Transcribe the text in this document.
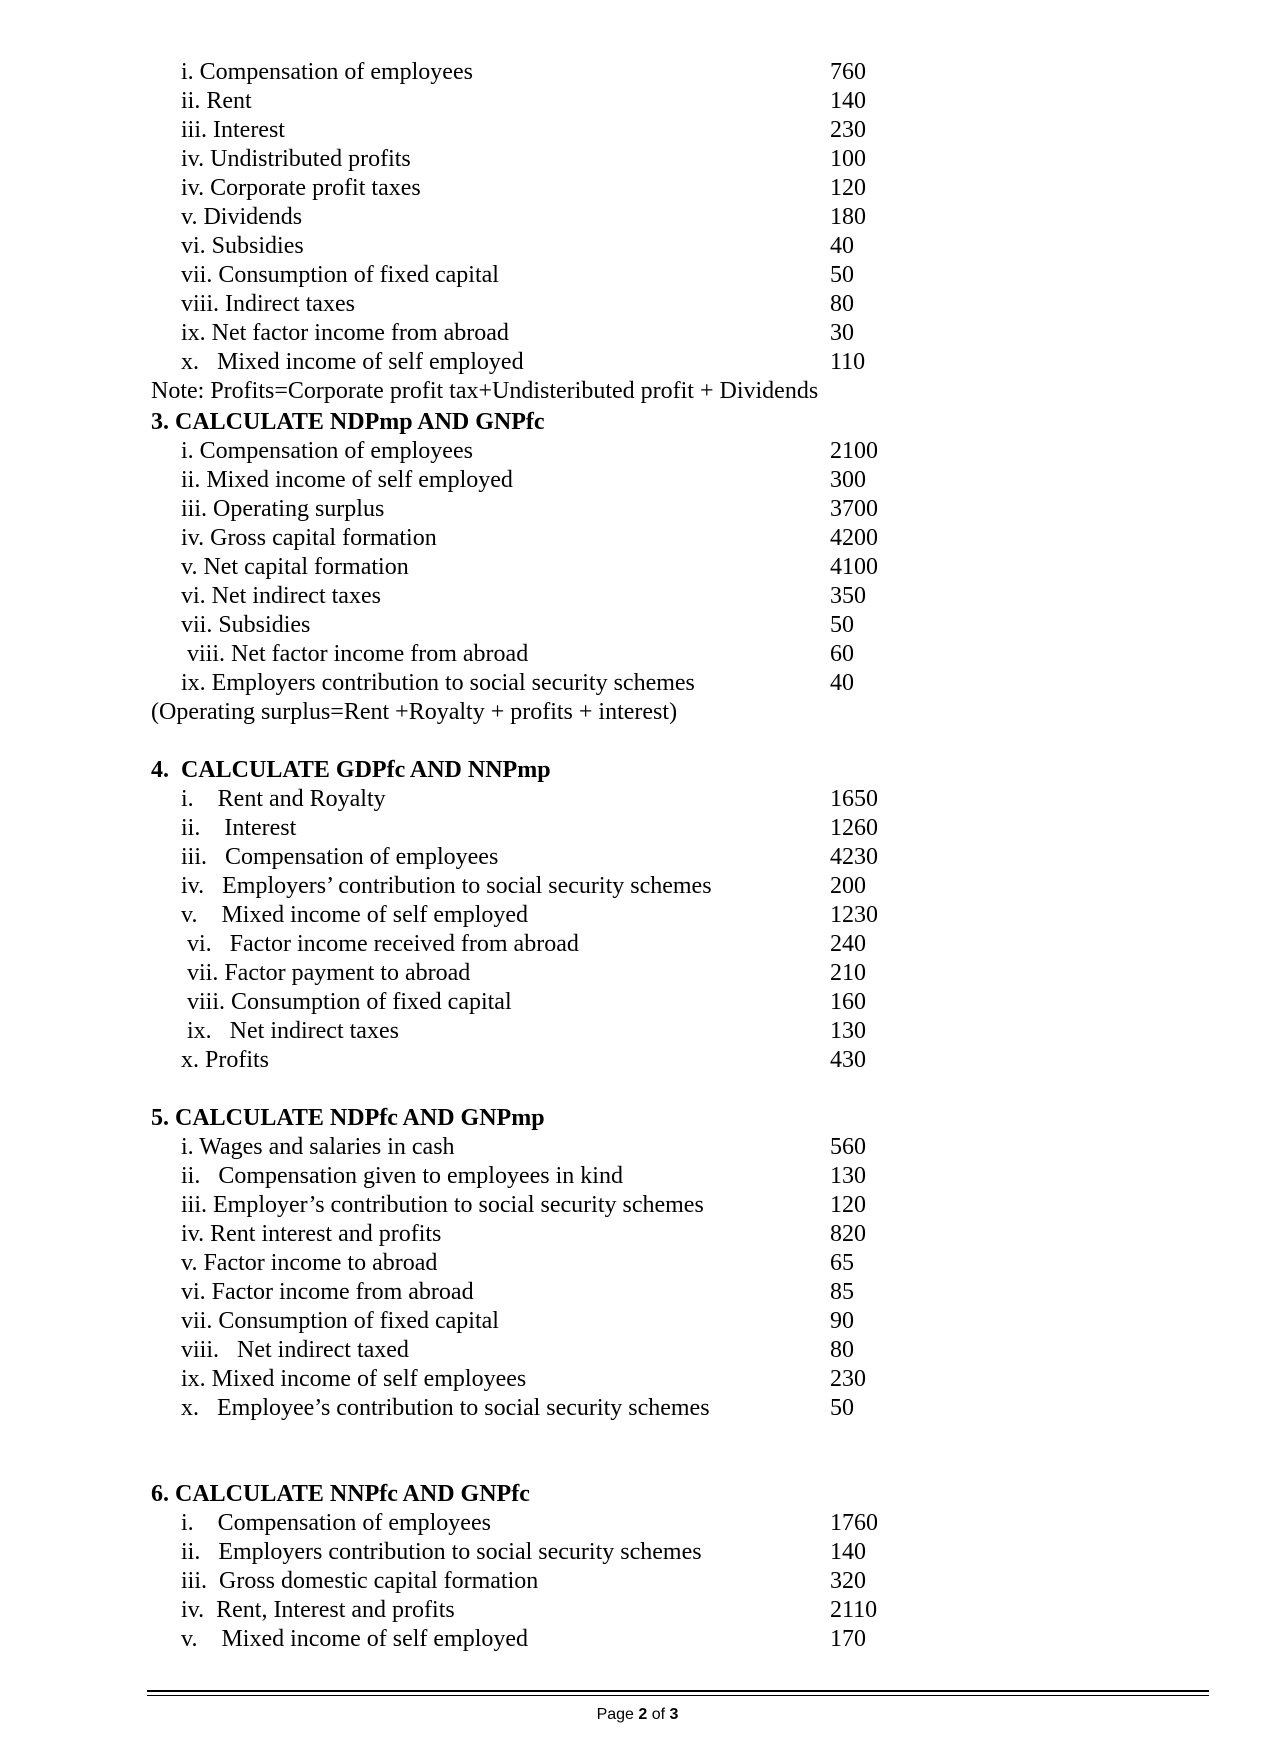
i. Compensation of employees	760
ii. Rent	140
iii. Interest	230
iv. Undistributed profits	100
iv. Corporate profit taxes	120
v. Dividends	180
vi. Subsidies	40
vii. Consumption of fixed capital	50
viii. Indirect taxes	80
ix. Net factor income from abroad	30
x.   Mixed income of self employed	110
Note: Profits=Corporate profit tax+Undisteributed profit + Dividends
3. CALCULATE NDPmp AND GNPfc
i. Compensation of employees	2100
ii. Mixed income of self employed	300
iii. Operating surplus	3700
iv. Gross capital formation	4200
v. Net capital formation	4100
vi. Net indirect taxes	350
vii. Subsidies	50
viii. Net factor income from abroad	60
ix. Employers contribution to social security schemes	40
(Operating surplus=Rent +Royalty + profits + interest)
4.  CALCULATE GDPfc AND NNPmp
i.    Rent and Royalty	1650
ii.    Interest	1260
iii.   Compensation of employees	4230
iv.   Employers’ contribution to social security schemes	200
v.    Mixed income of self employed	1230
vi.   Factor income received from abroad	240
vii. Factor payment to abroad	210
viii. Consumption of fixed capital	160
ix.   Net indirect taxes	130
x. Profits	430
5. CALCULATE NDPfc AND GNPmp
i. Wages and salaries in cash	560
ii.   Compensation given to employees in kind	130
iii. Employer’s contribution to social security schemes	120
iv. Rent interest and profits	820
v. Factor income to abroad	65
vi. Factor income from abroad	85
vii. Consumption of fixed capital	90
viii.   Net indirect taxed	80
ix. Mixed income of self employees	230
x.   Employee’s contribution to social security schemes	50
6. CALCULATE NNPfc AND GNPfc
i.    Compensation of employees	1760
ii.   Employers contribution to social security schemes	140
iii.  Gross domestic capital formation	320
iv.  Rent, Interest and profits	2110
v.    Mixed income of self employed	170
Page 2 of 3
